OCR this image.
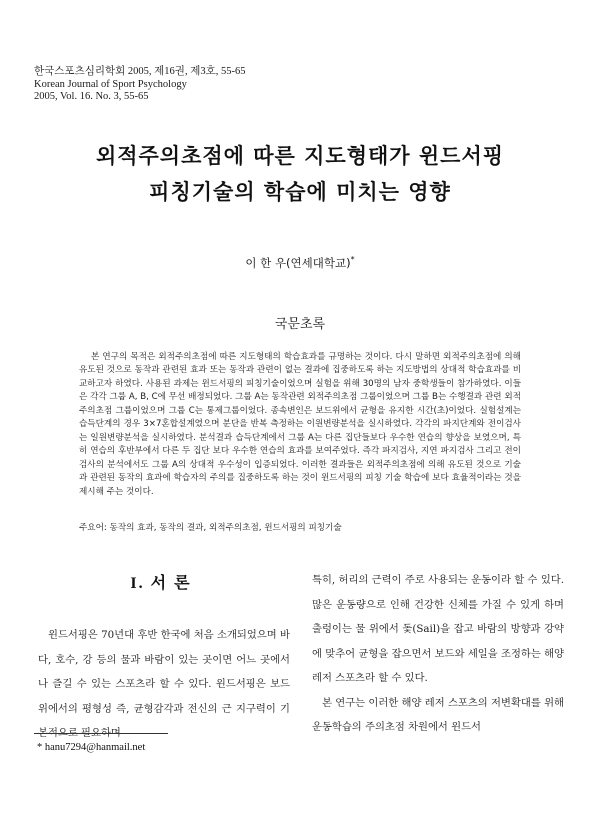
한국스포츠심리학회 2005, 제16권, 제3호, 55-65
Korean Journal of Sport Psychology
2005, Vol. 16. No. 3, 55-65
외적주의초점에 따른 지도형태가 윈드서핑
피칭기술의 학습에 미치는 영향
이 한 우(연세대학교)*
국문초록

본 연구의 목적은 외적주의초점에 따른 지도형태의 학습효과를 규명하는 것이다. 다시 말하면 외적주의초점에 의해 유도된 것으로 동작과 관련된 효과 또는 동작과 관련이 없는 결과에 집중하도록 하는 지도방법의 상대적 학습효과를 비교하고자 하였다. 사용된 과제는 윈드서핑의 피칭기술이었으며 실험을 위해 30명의 남자 중학생들이 참가하였다. 이들은 각각 그룹 A, B, C에 무선 배정되었다. 그룹 A는 동작관련 외적주의초점 그룹이었으며 그룹 B는 수행결과 관련 외적주의초점 그룹이었으며 그룹 C는 통제그룹이었다. 종속변인은 보드위에서 균형을 유지한 시간(초)이었다. 실험설계는 습득단계의 경우 3×7혼합설계였으며 분단을 반복 측정하는 이원변량분석을 실시하였다. 각각의 파지단계와 전이검사는 일원변량분석을 실시하였다. 분석결과 습득단계에서 그룹 A는 다른 집단들보다 우수한 연습의 향상을 보였으며, 특히 연습의 후반부에서 다른 두 집단 보다 우수한 연습의 효과를 보여주었다. 즉각 파지검사, 지연 파지검사 그리고 전이검사의 분석에서도 그룹 A의 상대적 우수성이 입증되었다. 이러한 결과들은 외적주의초점에 의해 유도된 것으로 기술과 관련된 동작의 효과에 학습자의 주의를 집중하도록 하는 것이 윈드서핑의 피칭 기술 학습에 보다 효율적이라는 것을 제시해 주는 것이다.

주요어: 동작의 효과, 동작의 결과, 외적주의초점, 윈드서핑의 피칭기술
I. 서 론

윈드서핑은 70년대 후반 한국에 처음 소개되었으며 바다, 호수, 강 등의 물과 바람이 있는 곳이면 어느 곳에서나 즐길 수 있는 스포츠라 할 수 있다. 윈드서핑은 보드 위에서의 평형성 즉, 균형감각과 전신의 근 지구력이 기본적으로 필요하며

특히, 허리의 근력이 주로 사용되는 운동이라 할 수 있다. 많은 운동량으로 인해 건강한 신체를 가질 수 있게 하며 출렁이는 물 위에서 돛(Sail)을 잡고 바람의 방향과 강약에 맞추어 균형을 잡으면서 보드와 세일을 조정하는 해양 레저 스포츠라 할 수 있다.

본 연구는 이러한 해양 레저 스포츠의 저변확대를 위해 운동학습의 주의초점 차원에서 윈드서

* hanu7294@hanmail.net
